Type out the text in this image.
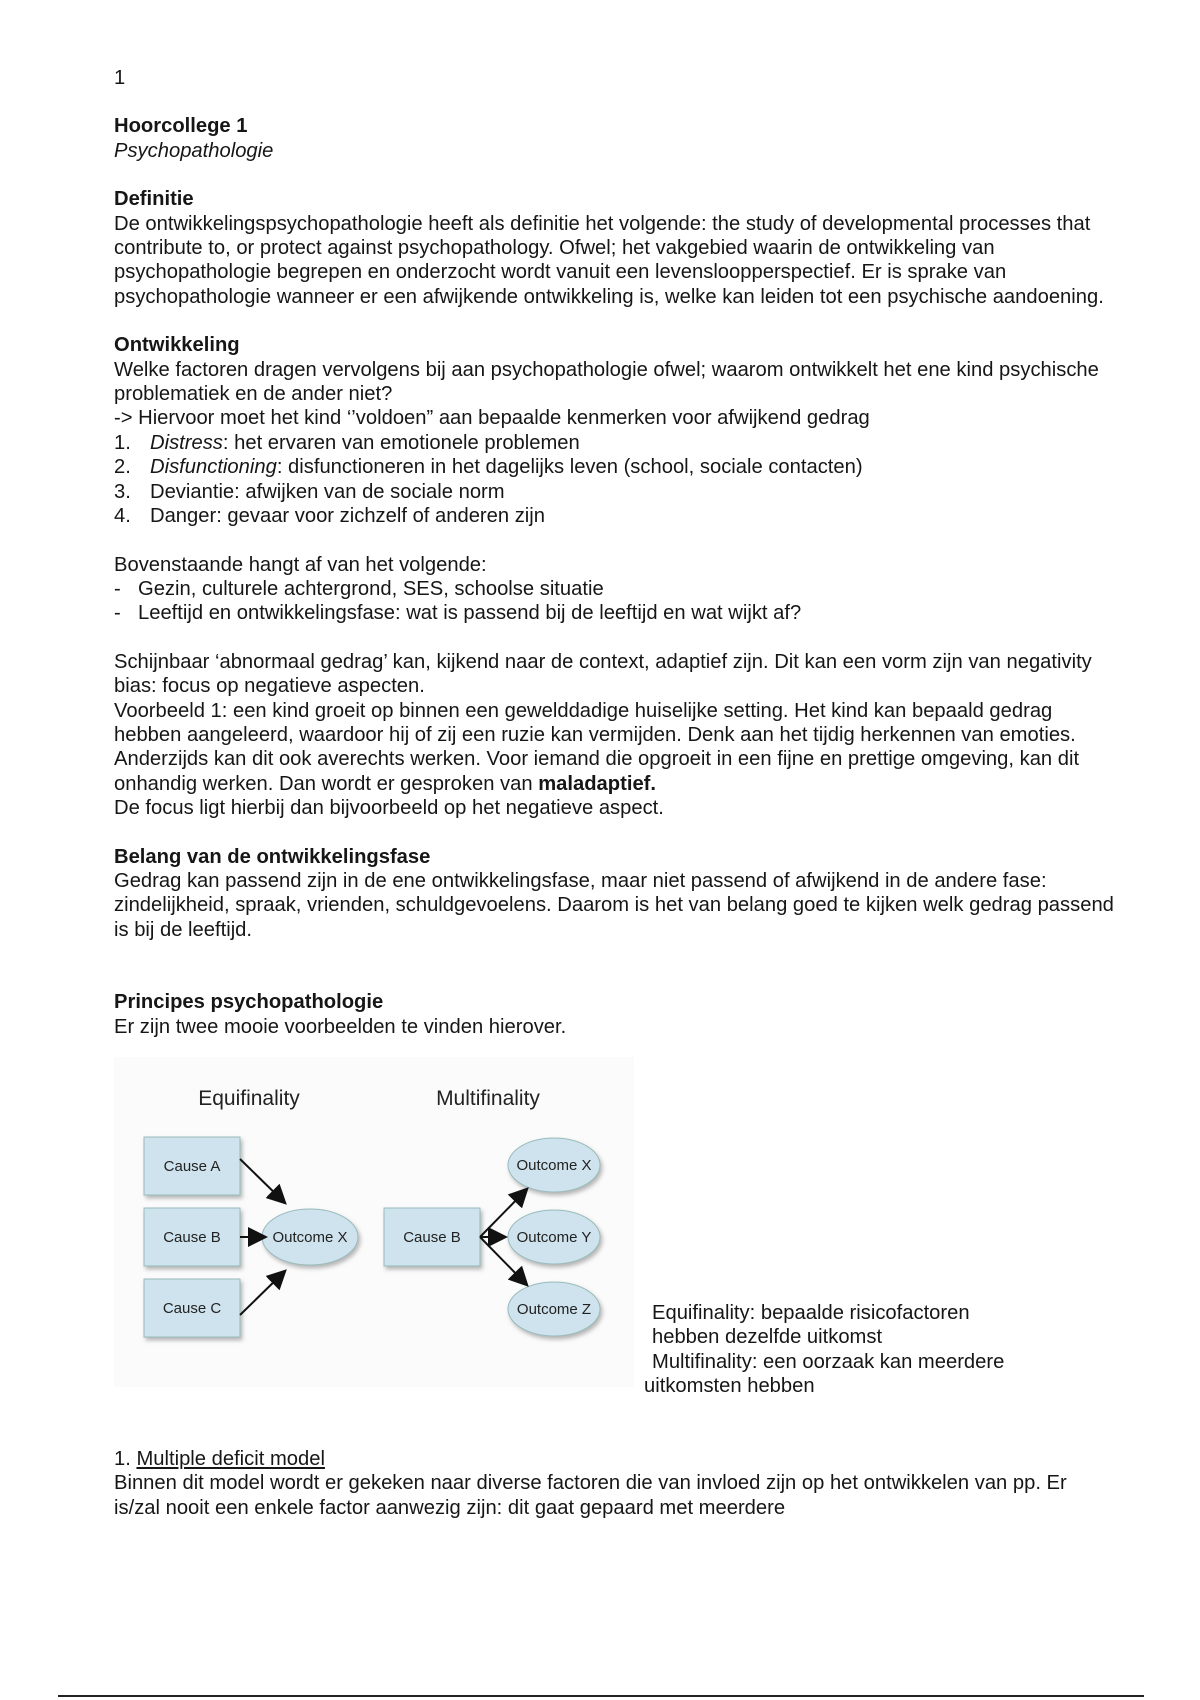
1

Hoorcollege 1

Psychopathologie

Definitie

De ontwikkelingspsychopathologie heeft als definitie het volgende: the study of developmental processes that contribute to, or protect against psychopathology. Ofwel; het vakgebied waarin de ontwikkeling van psychopathologie begrepen en onderzocht wordt vanuit een levensloopperspectief. Er is sprake van psychopathologie wanneer er een afwijkende ontwikkeling is, welke kan leiden tot een psychische aandoening.

Ontwikkeling

Welke factoren dragen vervolgens bij aan psychopathologie ofwel; waarom ontwikkelt het ene kind psychische problematiek en de ander niet?

-> Hiervoor moet het kind ‘’voldoen” aan bepaalde kenmerken voor afwijkend gedrag

1. Distress: het ervaren van emotionele problemen
2. Disfunctioning: disfunctioneren in het dagelijks leven (school, sociale contacten)
3. Deviantie: afwijken van de sociale norm
4. Danger: gevaar voor zichzelf of anderen zijn

Bovenstaande hangt af van het volgende:

- Gezin, culturele achtergrond, SES, schoolse situatie
- Leeftijd en ontwikkelingsfase: wat is passend bij de leeftijd en wat wijkt af?

Schijnbaar ‘abnormaal gedrag’ kan, kijkend naar de context, adaptief zijn. Dit kan een vorm zijn van negativity bias: focus op negatieve aspecten.

Voorbeeld 1: een kind groeit op binnen een gewelddadige huiselijke setting. Het kind kan bepaald gedrag hebben aangeleerd, waardoor hij of zij een ruzie kan vermijden. Denk aan het tijdig herkennen van emoties. Anderzijds kan dit ook averechts werken. Voor iemand die opgroeit in een fijne en prettige omgeving, kan dit onhandig werken. Dan wordt er gesproken van maladaptief.

De focus ligt hierbij dan bijvoorbeeld op het negatieve aspect.

Belang van de ontwikkelingsfase

Gedrag kan passend zijn in de ene ontwikkelingsfase, maar niet passend of afwijkend in de andere fase: zindelijkheid, spraak, vrienden, schuldgevoelens. Daarom is het van belang goed te kijken welk gedrag passend is bij de leeftijd.

Principes psychopathologie

Er zijn twee mooie voorbeelden te vinden hierover.

Equifinality	Multifinality
Cause A
Cause B
Cause C
Outcome X	Cause B
Outcome X
Outcome Y
Outcome Z	Equifinality: bepaalde risicofactoren

hebben dezelfde uitkomst

Multifinality: een oorzaak kan meerdere

uitkomsten hebben

1. Multiple deficit model

Binnen dit model wordt er gekeken naar diverse factoren die van invloed zijn op het ontwikkelen van pp. Er is/zal nooit een enkele factor aanwezig zijn: dit gaat gepaard met meerdere
